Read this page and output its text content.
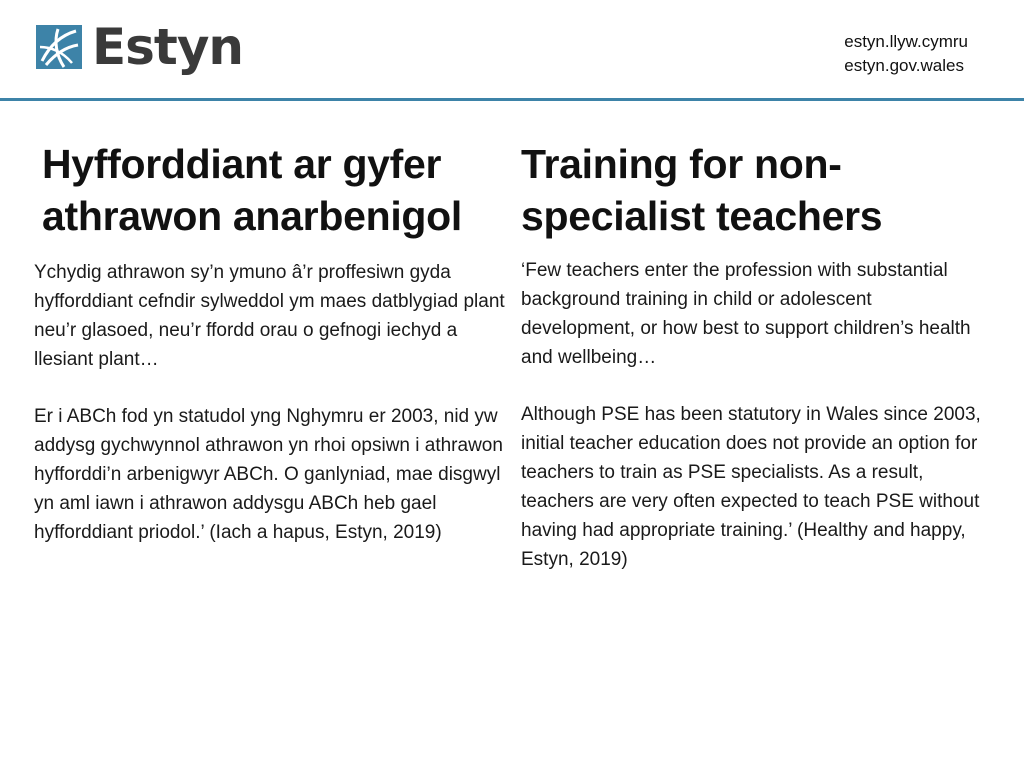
Estyn	estyn.llyw.cymru
estyn.gov.wales
Hyfforddiant ar gyfer athrawon anarbenigol
Training for non-specialist teachers

Ychydig athrawon sy’n ymuno â’r proffesiwn gyda hyfforddiant cefndir sylweddol ym maes datblygiad plant neu’r glasoed, neu’r ffordd orau o gefnogi iechyd a llesiant plant…

Er i ABCh fod yn statudol yng Nghymru er 2003, nid yw addysg gychwynnol athrawon yn rhoi opsiwn i athrawon hyfforddi’n arbenigwyr ABCh. O ganlyniad, mae disgwyl yn aml iawn i athrawon addysgu ABCh heb gael hyfforddiant priodol.’ (Iach a hapus, Estyn, 2019)

‘Few teachers enter the profession with substantial background training in child or adolescent development, or how best to support children’s health and wellbeing…

Although PSE has been statutory in Wales since 2003, initial teacher education does not provide an option for teachers to train as PSE specialists. As a result, teachers are very often expected to teach PSE without having had appropriate training.’ (Healthy and happy, Estyn, 2019)
